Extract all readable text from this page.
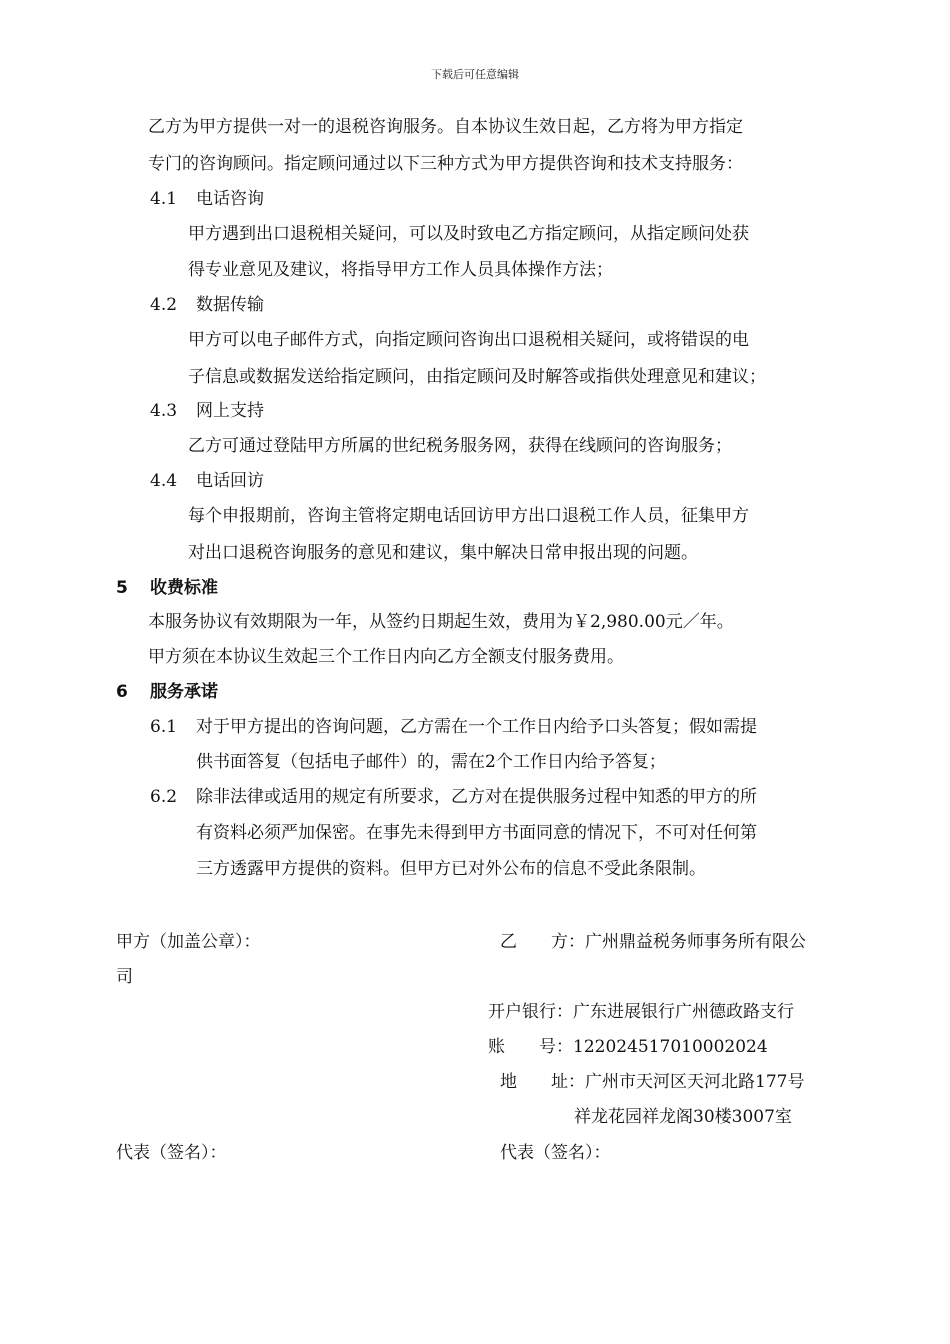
下载后可任意编辑
乙方为甲方提供一对一的退税咨询服务。自本协议生效日起，乙方将为甲方指定
专门的咨询顾问。指定顾问通过以下三种方式为甲方提供咨询和技术支持服务：
4.1 电话咨询
甲方遇到出口退税相关疑问，可以及时致电乙方指定顾问，从指定顾问处获
得专业意见及建议，将指导甲方工作人员具体操作方法；
4.2 数据传输
甲方可以电子邮件方式，向指定顾问咨询出口退税相关疑问，或将错误的电
子信息或数据发送给指定顾问，由指定顾问及时解答或指供处理意见和建议；
4.3 网上支持
乙方可通过登陆甲方所属的世纪税务服务网，获得在线顾问的咨询服务；
4.4 电话回访
每个申报期前，咨询主管将定期电话回访甲方出口退税工作人员，征集甲方
对出口退税咨询服务的意见和建议，集中解决日常申报出现的问题。
5 收费标准
本服务协议有效期限为一年，从签约日期起生效，费用为￥2,980.00元／年。
甲方须在本协议生效起三个工作日内向乙方全额支付服务费用。
6 服务承诺
6.1 对于甲方提出的咨询问题，乙方需在一个工作日内给予口头答复；假如需提
供书面答复（包括电子邮件）的，需在2个工作日内给予答复；
6.2 除非法律或适用的规定有所要求，乙方对在提供服务过程中知悉的甲方的所
有资料必须严加保密。在事先未得到甲方书面同意的情况下，不可对任何第
三方透露甲方提供的资料。但甲方已对外公布的信息不受此条限制。
甲方（加盖公章）：	乙　　方：广州鼎益税务师事务所有限公
司
开户银行：广东进展银行广州德政路支行
账　　号：122024517010002024
地　　址：广州市天河区天河北路177号
祥龙花园祥龙阁30楼3007室
代表（签名）：	代表（签名）：
